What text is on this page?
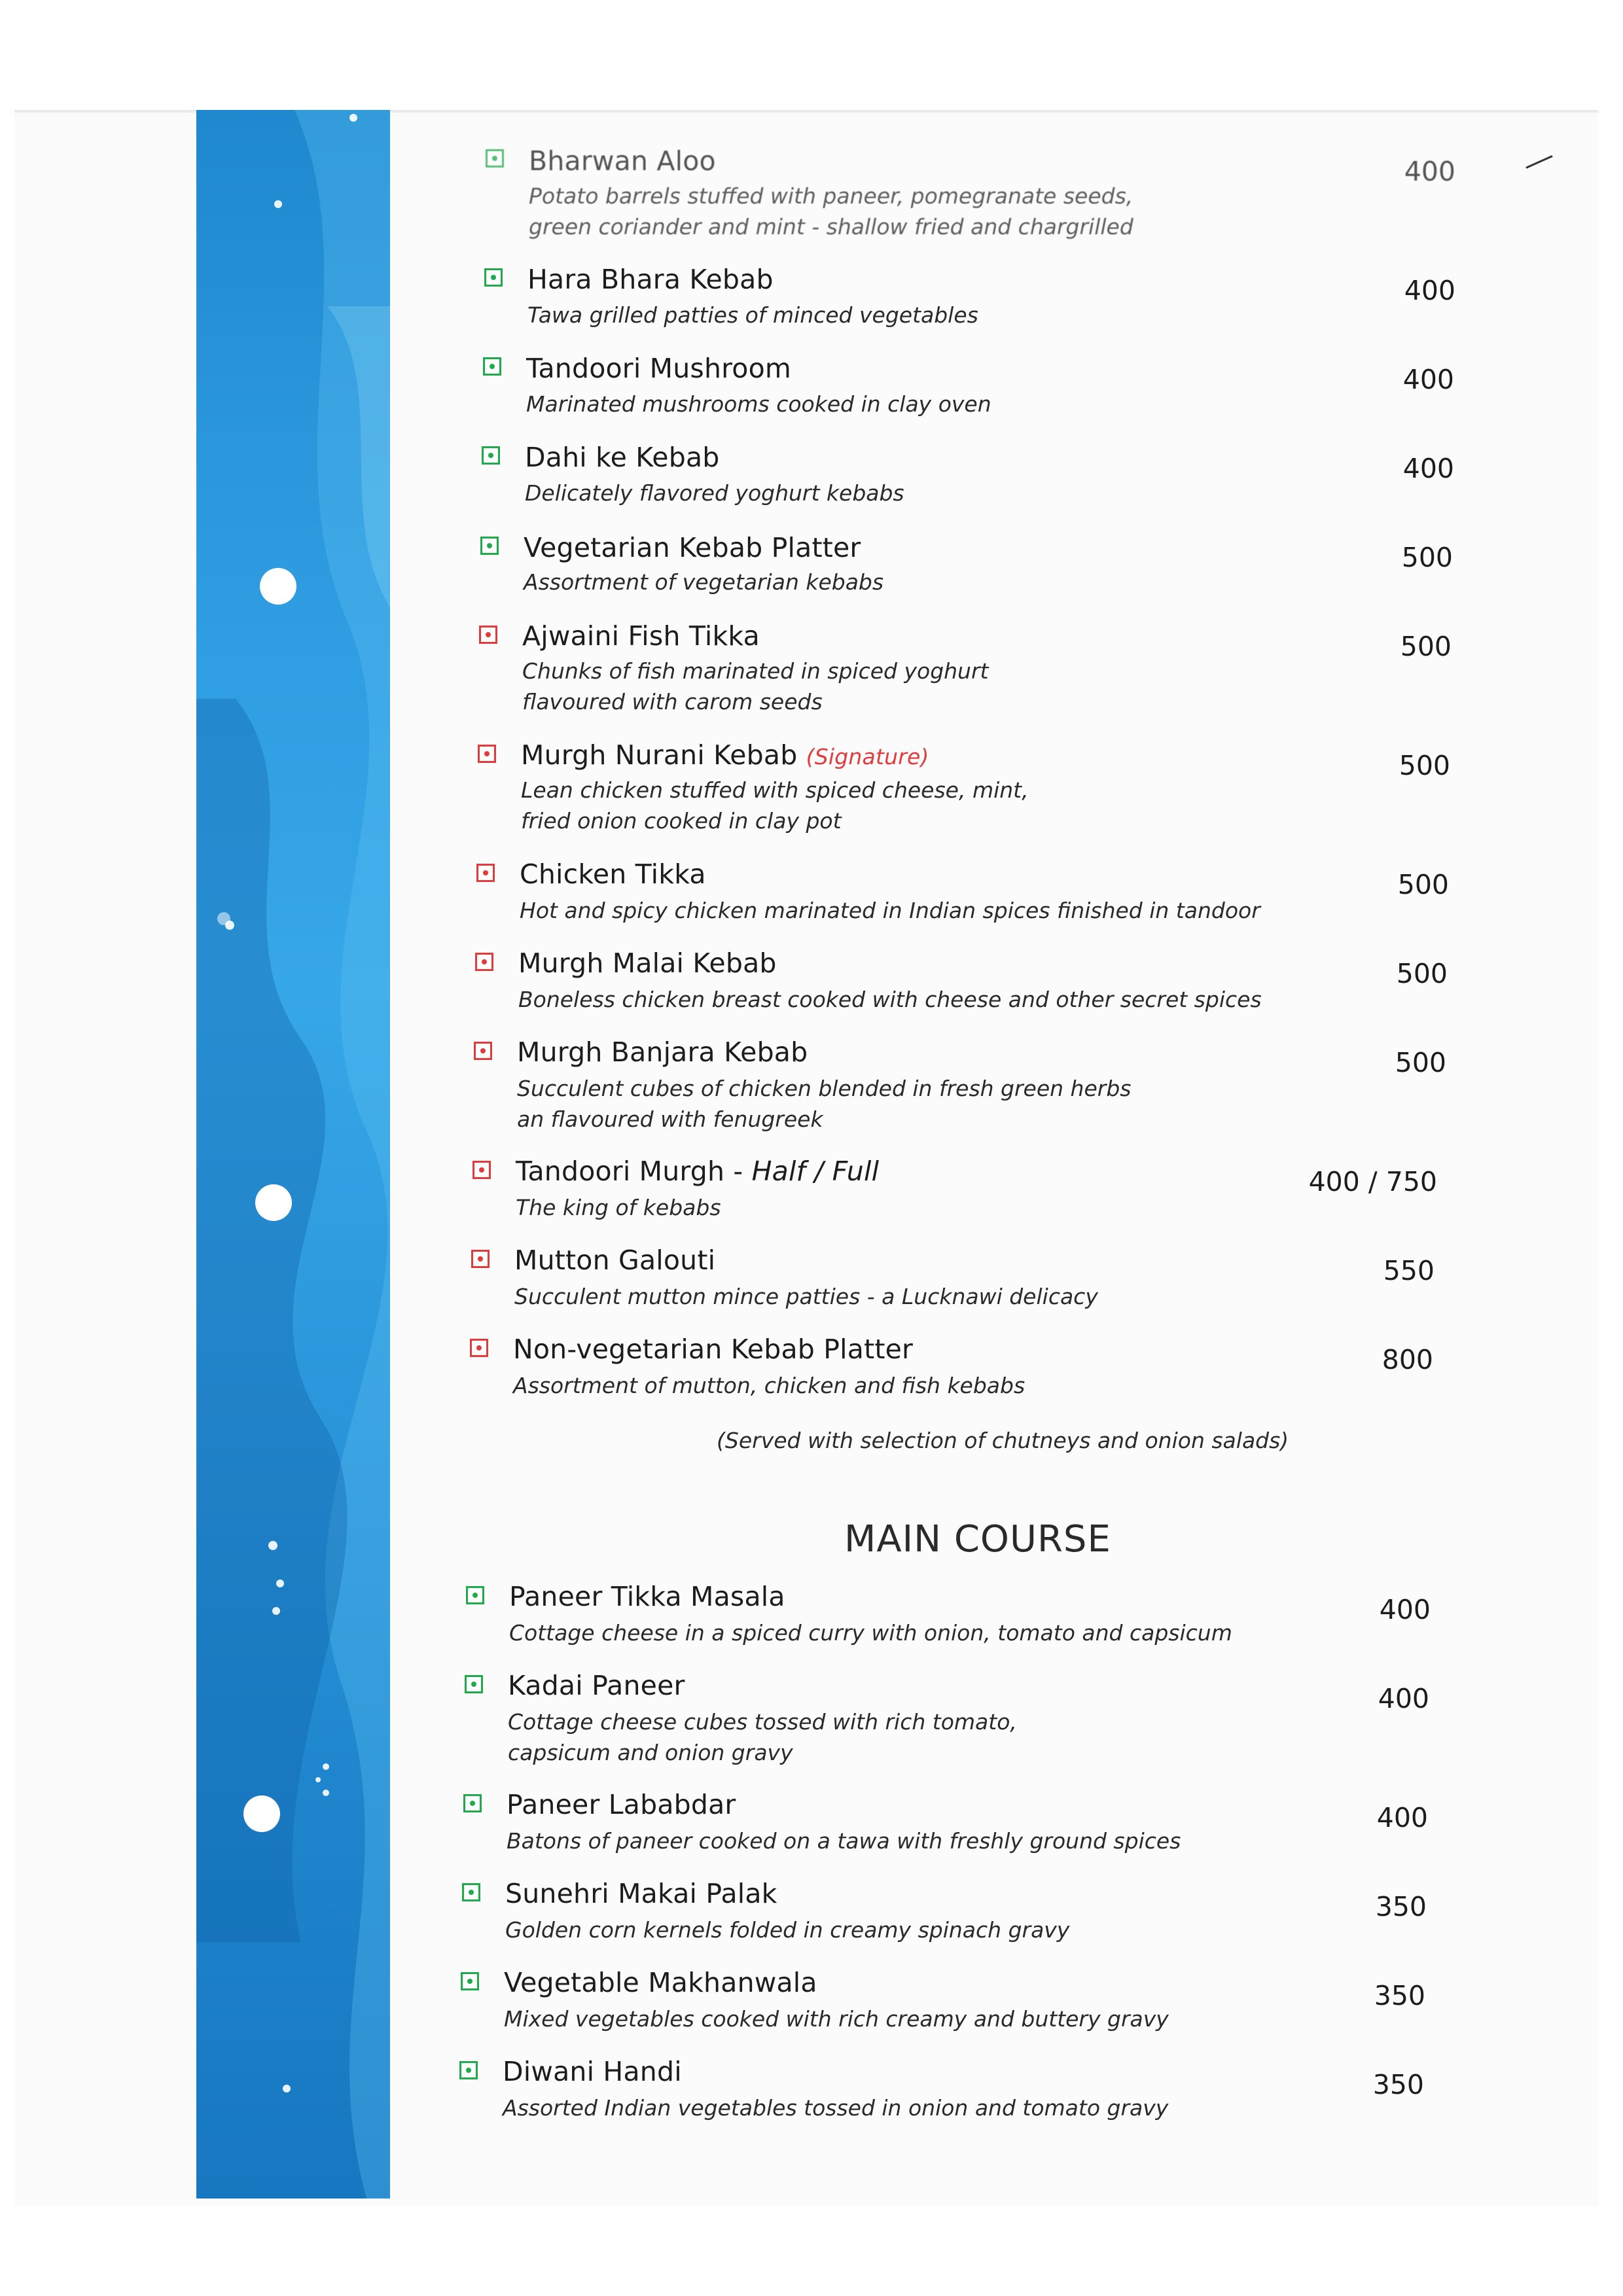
Bharwan Aloo
Potato barrels stuffed with paneer, pomegranate seeds,
green coriander and mint - shallow fried and chargrilled
400
Hara Bhara Kebab
Tawa grilled patties of minced vegetables
400
Tandoori Mushroom
Marinated mushrooms cooked in clay oven
400
Dahi ke Kebab
Delicately flavored yoghurt kebabs
400
Vegetarian Kebab Platter
Assortment of vegetarian kebabs
500
Ajwaini Fish Tikka
Chunks of fish marinated in spiced yoghurt
flavoured with carom seeds
500
Murgh Nurani Kebab (Signature)
Lean chicken stuffed with spiced cheese, mint,
fried onion cooked in clay pot
500
Chicken Tikka
Hot and spicy chicken marinated in Indian spices finished in tandoor
500
Murgh Malai Kebab
Boneless chicken breast cooked with cheese and other secret spices
500
Murgh Banjara Kebab
Succulent cubes of chicken blended in fresh green herbs
an flavoured with fenugreek
500
Tandoori Murgh - Half / Full
The king of kebabs
400 / 750
Mutton Galouti
Succulent mutton mince patties - a Lucknawi delicacy
550
Non-vegetarian Kebab Platter
Assortment of mutton, chicken and fish kebabs
800
(Served with selection of chutneys and onion salads)
MAIN COURSE
Paneer Tikka Masala
Cottage cheese in a spiced curry with onion, tomato and capsicum
400
Kadai Paneer
Cottage cheese cubes tossed with rich tomato,
capsicum and onion gravy
400
Paneer Lababdar
Batons of paneer cooked on a tawa with freshly ground spices
400
Sunehri Makai Palak
Golden corn kernels folded in creamy spinach gravy
350
Vegetable Makhanwala
Mixed vegetables cooked with rich creamy and buttery gravy
350
Diwani Handi
Assorted Indian vegetables tossed in onion and tomato gravy
350
